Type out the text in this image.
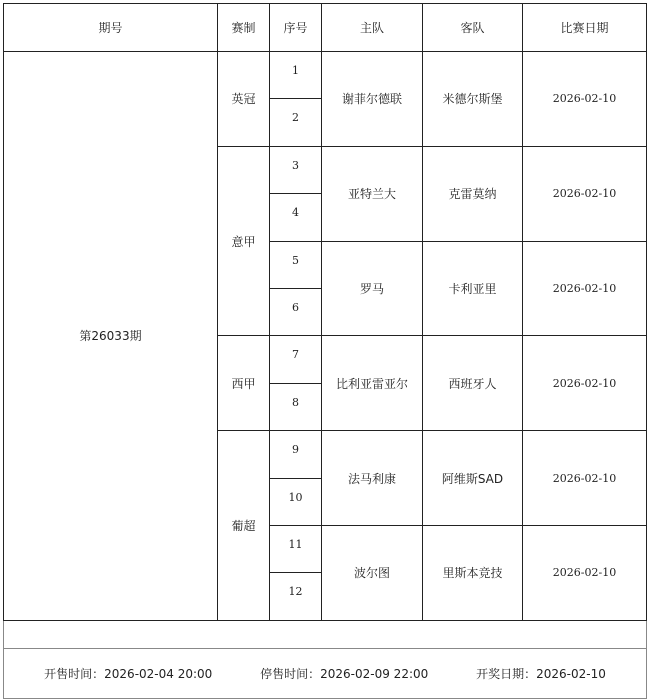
期号	赛制	序号	主队	客队	比赛日期
第26033期	英冠	1	谢菲尔德联	米德尔斯堡	2026-02-10
		2			
	意甲	3	亚特兰大	克雷莫纳	2026-02-10
		4			
		5	罗马	卡利亚里	2026-02-10
		6			
	西甲	7	比利亚雷亚尔	西班牙人	2026-02-10
		8			
	葡超	9	法马利康	阿维斯SAD	2026-02-10
		10			
		11	波尔图	里斯本竞技	2026-02-10
		12			

开售时间：2026-02-04 20:00 停售时间：2026-02-09 22:00 开奖日期：2026-02-10					
